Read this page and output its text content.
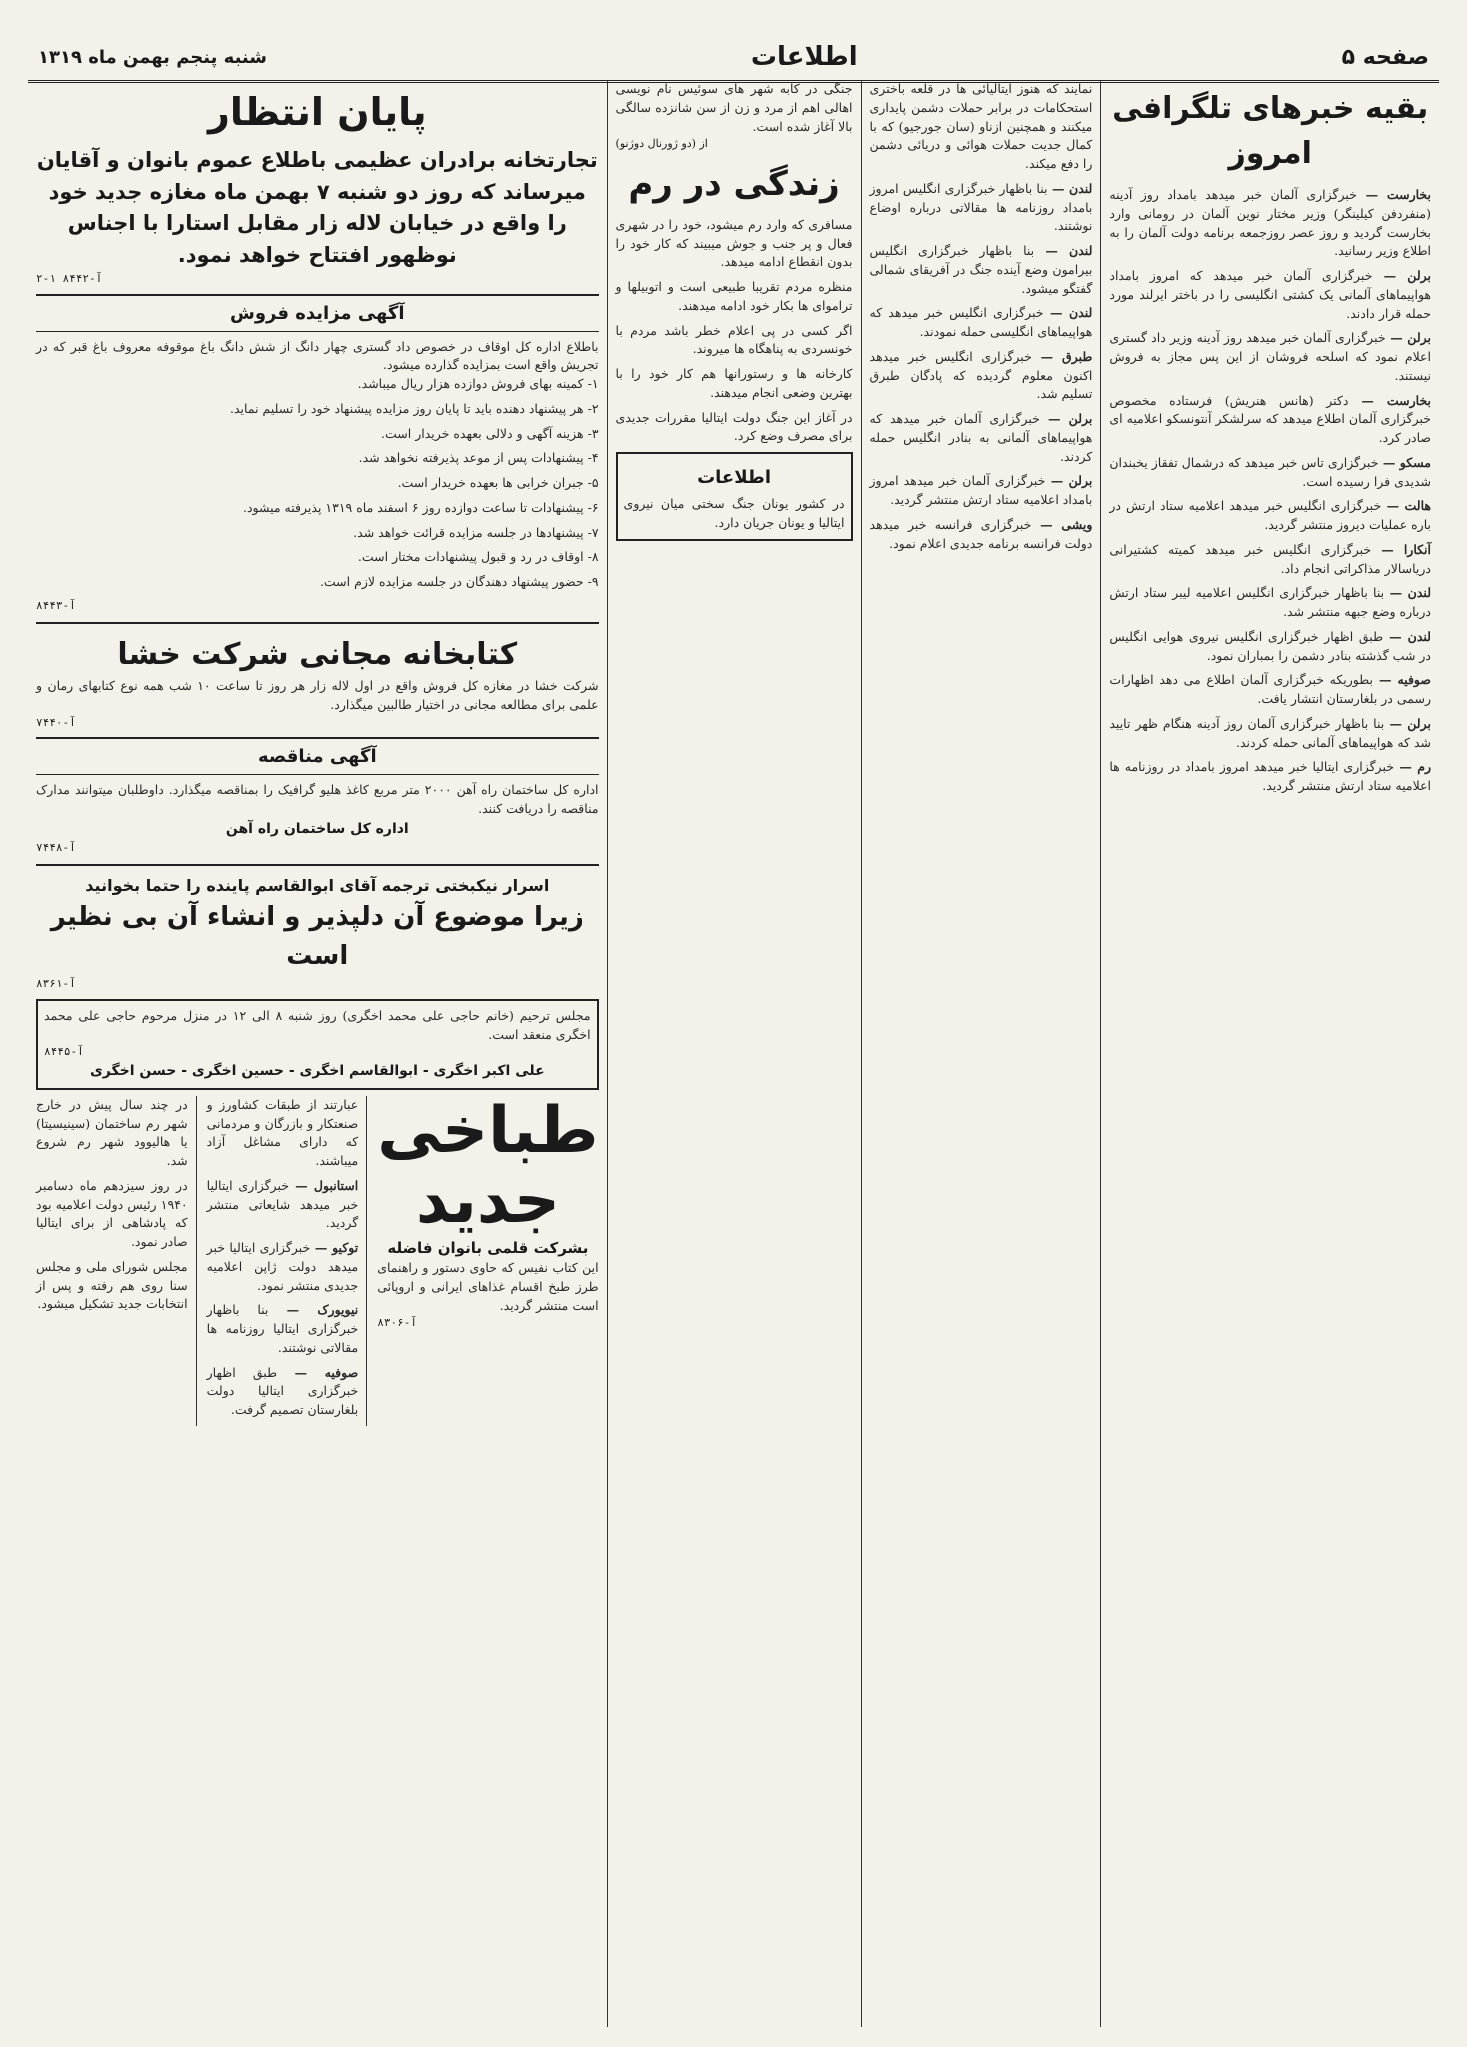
صفحه ۵
اطلاعات
شنبه پنجم بهمن ماه ۱۳۱۹
بقیه خبرهای تلگرافی امروز

بخارست — خبرگزاری آلمان خبر میدهد بامداد روز آدینه (منفردفن کیلینگر) وزیر مختار نوین آلمان در رومانی وارد بخارست گردید و روز عصر روزجمعه برنامه دولت آلمان را به اطلاع وزیر رسانید.

برلن — خبرگزاری آلمان خبر میدهد که امروز بامداد هواپیماهای آلمانی یک کشتی انگلیسی را در باختر ایرلند مورد حمله قرار دادند.

برلن — خبرگزاری آلمان خبر میدهد روز آدینه وزیر داد گستری اعلام نمود که اسلحه فروشان از این پس مجاز به فروش نیستند.

بخارست — دکتر (هانس هنریش) فرستاده مخصوص خبرگزاری آلمان اطلاع میدهد که سرلشکر آنتونسکو اعلامیه ای صادر کرد.

مسکو — خبرگزاری تاس خبر میدهد که درشمال تفقاز یخبندان شدیدی فرا رسیده است.

هالت — خبرگزاری انگلیس خبر میدهد اعلامیه ستاد ارتش در باره عملیات دیروز منتشر گردید.

آنکارا — خبرگزاری انگلیس خبر میدهد کمیته کشتیرانی دریاسالار مذاکراتی انجام داد.

لندن — بنا باظهار خبرگزاری انگلیس اعلامیه لیبر ستاد ارتش درباره وضع جبهه منتشر شد.

لندن — طبق اظهار خبرگزاری انگلیس نیروی هوایی انگلیس در شب گذشته بنادر دشمن را بمباران نمود.

صوفیه — بطوریکه خبرگزاری آلمان اطلاع می دهد اظهارات رسمی در بلغارستان انتشار یافت.

برلن — بنا باظهار خبرگزاری آلمان روز آدینه هنگام ظهر تایید شد که هواپیماهای آلمانی حمله کردند.

رم — خبرگزاری ایتالیا خبر میدهد امروز بامداد در روزنامه ها اعلامیه ستاد ارتش منتشر گردید.

نمایند که هنوز ایتالیائی ها در قلعه باختری استحکامات در برابر حملات دشمن پایداری میکنند و همچنین ازناو (سان جورجیو) که با کمال جدیت حملات هوائی و دریائی دشمن را دفع میکند.

لندن — بنا باظهار خبرگزاری انگلیس امروز بامداد روزنامه ها مقالاتی درباره اوضاع نوشتند.

لندن — بنا باظهار خبرگزاری انگلیس بیرامون وضع آینده جنگ در آفریقای شمالی گفتگو میشود.

لندن — خبرگزاری انگلیس خبر میدهد که هواپیماهای انگلیسی حمله نمودند.

طبرق — خبرگزاری انگلیس خبر میدهد اکنون معلوم گردیده که پادگان طبرق تسلیم شد.

برلن — خبرگزاری آلمان خبر میدهد که هواپیماهای آلمانی به بنادر انگلیس حمله کردند.

برلن — خبرگزاری آلمان خبر میدهد امروز بامداد اعلامیه ستاد ارتش منتشر گردید.

ویشی — خبرگزاری فرانسه خبر میدهد دولت فرانسه برنامه جدیدی اعلام نمود.

جنگی در کابه شهر های سوئیس نام نویسی اهالی اهم از مرد و زن از سن شانزده سالگی بالا آغاز شده است.
از (دو ژورنال دوژنو)
زندگی در رم

مسافری که وارد رم میشود، خود را در شهری فعال و پر جنب و جوش میبیند که کار خود را بدون انقطاع ادامه میدهد.

منظره مردم تقریبا طبیعی است و اتوبیلها و تراموای ها بکار خود ادامه میدهند.

اگر کسی در پی اعلام خطر باشد مردم با خونسردی به پناهگاه ها میروند.

کارخانه ها و رستورانها هم کار خود را با بهترین وضعی انجام میدهند.

در آغاز این جنگ دولت ایتالیا مقررات جدیدی برای مصرف وضع کرد.

اطلاعات
در کشور یونان جنگ سختی میان نیروی ایتالیا و یونان جریان دارد.
پایان انتظار
تجارتخانه برادران عظیمی باطلاع عموم بانوان و آقایان میرساند که روز دو شنبه ۷ بهمن ماه مغازه جدید خود را واقع در خیابان لاله زار مقابل استارا با اجناس نوظهور افتتاح خواهد نمود.
آ-۸۴۴۲ ۱-۲
آگهی مزایده فروش
باطلاع اداره کل اوقاف در خصوص داد گستری چهار دانگ از شش دانگ باغ موقوفه معروف باغ قبر که در تجریش واقع است بمزایده گذارده میشود.

۱- کمینه بهای فروش دوازده هزار ریال میباشد.

۲- هر پیشنهاد دهنده باید تا پایان روز مزایده پیشنهاد خود را تسلیم نماید.

۳- هزینه آگهی و دلالی بعهده خریدار است.

۴- پیشنهادات پس از موعد پذیرفته نخواهد شد.

۵- جبران خرابی ها بعهده خریدار است.

۶- پیشنهادات تا ساعت دوازده روز ۶ اسفند ماه ۱۳۱۹ پذیرفته میشود.

۷- پیشنهادها در جلسه مزایده قرائت خواهد شد.

۸- اوقاف در رد و قبول پیشنهادات مختار است.

۹- حضور پیشنهاد دهندگان در جلسه مزایده لازم است.

آ-۸۴۴۳
کتابخانه مجانی شرکت خشا
شرکت خشا در مغازه کل فروش واقع در اول لاله زار هر روز تا ساعت ۱۰ شب همه نوع کتابهای رمان و علمی برای مطالعه مجانی در اختیار طالبین میگذارد.
آ-۷۴۴۰
آگهی مناقصه
اداره کل ساختمان راه آهن ۲۰۰۰ متر مربع کاغذ هلیو گرافیک را بمناقصه میگذارد. داوطلبان میتوانند مدارک مناقصه را دریافت کنند.
اداره کل ساختمان راه آهن
آ-۷۴۴۸
اسرار نیکبختی ترجمه آقای ابوالقاسم پاینده را حتما بخوانید
زیرا موضوع آن دلپذیر و انشاء آن بی نظیر است
آ-۸۳۶۱
مجلس ترحیم (خانم حاجی علی محمد اخگری) روز شنبه ۸ الی ۱۲ در منزل مرحوم حاجی علی محمد اخگری منعقد است.
آ-۸۴۴۵
علی اکبر اخگری - ابوالقاسم اخگری - حسین اخگری - حسن اخگری
طباخی جدید
بشرکت قلمی بانوان فاضله
این کتاب نفیس که حاوی دستور و راهنمای طرز طبخ اقسام غذاهای ایرانی و اروپائی است منتشر گردید.
آ-۸۳۰۶

عبارتند از طبقات کشاورز و صنعتکار و بازرگان و مردمانی که دارای مشاغل آزاد میباشند.

استانبول — خبرگزاری ایتالیا خبر میدهد شایعاتی منتشر گردید.

توکیو — خبرگزاری ایتالیا خبر میدهد دولت ژاپن اعلامیه جدیدی منتشر نمود.

نیویورک — بنا باظهار خبرگزاری ایتالیا روزنامه ها مقالاتی نوشتند.

صوفیه — طبق اظهار خبرگزاری ایتالیا دولت بلغارستان تصمیم گرفت.

در چند سال پیش در خارج شهر رم ساختمان (سینیسیتا) یا هالیوود شهر رم شروع شد.

در روز سیزدهم ماه دسامبر ۱۹۴۰ رئیس دولت اعلامیه بود که پادشاهی از برای ایتالیا صادر نمود.

مجلس شورای ملی و مجلس سنا روی هم رفته و پس از انتخابات جدید تشکیل میشود.
